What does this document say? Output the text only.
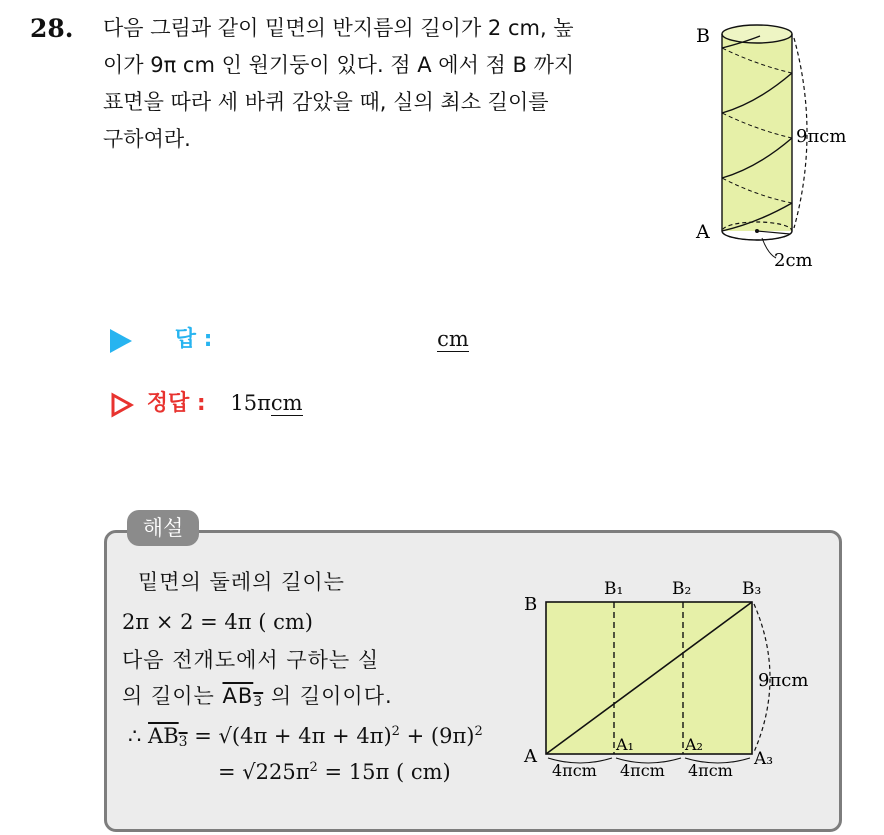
28. 다음 그림과 같이 밑면의 반지름의 길이가 2 cm, 높
이가 9π cm 인 원기둥이 있다. 점 A 에서 점 B 까지
표면을 따라 세 바퀴 감았을 때, 실의 최소 길이를
구하여라.
B
A
9πcm
2cm
답 :	cm
정답 : 15πcm
해설
밑면의 둘레의 길이는
2π × 2 = 4π ( cm)
다음 전개도에서 구하는 실
의 길이는 $AB_3$ 의 길이이다.
∴ $AB_3 = √(4\pi + 4\pi + 4\pi)^2 + (9\pi)^2$
= $√225\pi^2 = 15\pi$ ( cm)
B
B₁	B₂	B₃
A
A₁	A₂
A₃
9πcm
4πcm 4πcm 4πcm
